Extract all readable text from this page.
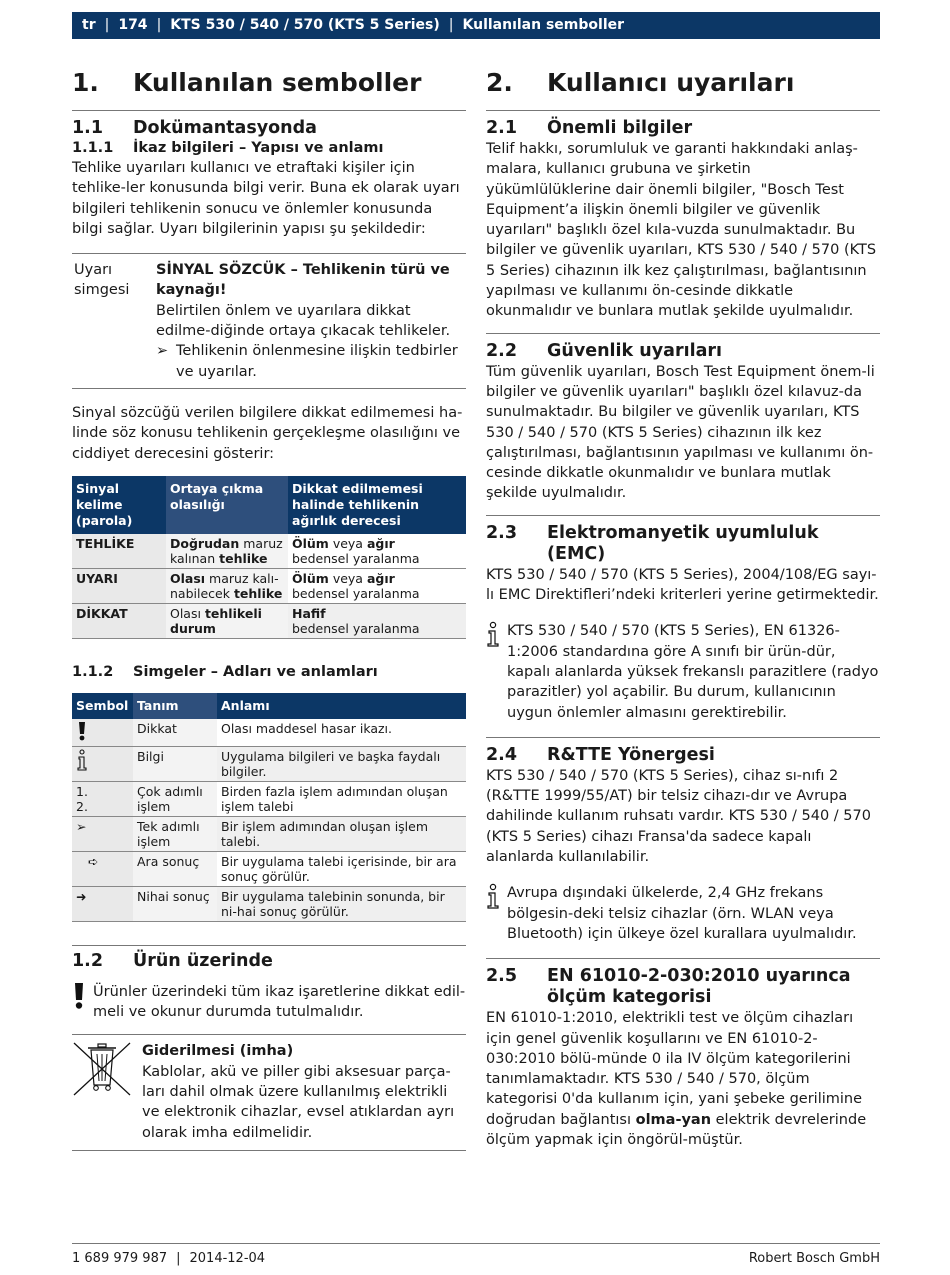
tr | 174 | KTS 530 / 540 / 570 (KTS 5 Series) | Kullanılan semboller
1.	Kullanılan semboller
1.1	Dokümantasyonda
1.1.1	İkaz bilgileri – Yapısı ve anlamı

Tehlike uyarıları kullanıcı ve etraftaki kişiler için tehlike-ler konusunda bilgi verir. Buna ek olarak uyarı bilgileri tehlikenin sonucu ve önlemler konusunda bilgi sağlar. Uyarı bilgilerinin yapısı şu şekildedir:

Uyarı simgesi
SİNYAL SÖZCÜK – Tehlikenin türü ve kaynağı!
Belirtilen önlem ve uyarılara dikkat edilme-diğinde ortaya çıkacak tehlikeler.
➢ Tehlikenin önlenmesine ilişkin tedbirler ve uyarılar.

Sinyal sözcüğü verilen bilgilere dikkat edilmemesi ha-linde söz konusu tehlikenin gerçekleşme olasılığını ve ciddiyet derecesini gösterir:

Sinyal kelime (parola)	Ortaya çıkma olasılığı	Dikkat edilmemesi halinde tehlikenin ağırlık derecesi
TEHLİKE	Doğrudan maruz kalınan tehlike	Ölüm veya ağır
bedensel yaralanma
UYARI	Olası maruz kalı-nabilecek tehlike	Ölüm veya ağır
bedensel yaralanma
DİKKAT	Olası tehlikeli durum	Hafif
bedensel yaralanma
1.1.2	Simgeler – Adları ve anlamları
Sembol	Tanım	Anlamı
	Dikkat	Olası maddesel hasar ikazı.
	Bilgi	Uygulama bilgileri ve başka faydalı bilgiler.
1.
2.	Çok adımlı işlem	Birden fazla işlem adımından oluşan işlem talebi
➢	Tek adımlı işlem	Bir işlem adımından oluşan işlem talebi.
➪	Ara sonuç	Bir uygulama talebi içerisinde, bir ara sonuç görülür.
➜	Nihai sonuç	Bir uygulama talebinin sonunda, bir ni-hai sonuç görülür.
1.2	Ürün üzerinde

Ürünler üzerindeki tüm ikaz işaretlerine dikkat edil-meli ve okunur durumda tutulmalıdır.

Giderilmesi (imha)
Kablolar, akü ve piller gibi aksesuar parça-ları dahil olmak üzere kullanılmış elektrikli ve elektronik cihazlar, evsel atıklardan ayrı olarak imha edilmelidir.
2.	Kullanıcı uyarıları
2.1	Önemli bilgiler

Telif hakkı, sorumluluk ve garanti hakkındaki anlaş-malara, kullanıcı grubuna ve şirketin yükümlülüklerine dair önemli bilgiler, "Bosch Test Equipment’a ilişkin önemli bilgiler ve güvenlik uyarıları" başlıklı özel kıla-vuzda sunulmaktadır. Bu bilgiler ve güvenlik uyarıları, KTS 530 / 540 / 570 (KTS 5 Series) cihazının ilk kez çalıştırılması, bağlantısının yapılması ve kullanımı ön-cesinde dikkatle okunmalıdır ve bunlara mutlak şekilde uyulmalıdır.

2.2	Güvenlik uyarıları

Tüm güvenlik uyarıları, Bosch Test Equipment önem-li bilgiler ve güvenlik uyarıları" başlıklı özel kılavuz-da sunulmaktadır. Bu bilgiler ve güvenlik uyarıları, KTS 530 / 540 / 570 (KTS 5 Series) cihazının ilk kez çalıştırılması, bağlantısının yapılması ve kullanımı ön-cesinde dikkatle okunmalıdır ve bunlara mutlak şekilde uyulmalıdır.

2.3	Elektromanyetik uyumluluk (EMC)

KTS 530 / 540 / 570 (KTS 5 Series), 2004/108/EG sayı-lı EMC Direktifleri’ndeki kriterleri yerine getirmektedir.

KTS 530 / 540 / 570 (KTS 5 Series), EN 61326-1:2006 standardına göre A sınıfı bir ürün-dür, kapalı alanlarda yüksek frekanslı parazitlere (radyo parazitler) yol açabilir. Bu durum, kullanıcının uygun önlemler almasını gerektirebilir.

2.4	R&TTE Yönergesi

KTS 530 / 540 / 570 (KTS 5 Series), cihaz sı-nıfı 2 (R&TTE 1999/55/AT) bir telsiz cihazı-dır ve Avrupa dahilinde kullanım ruhsatı vardır. KTS 530 / 540 / 570 (KTS 5 Series) cihazı Fransa'da sadece kapalı alanlarda kullanılabilir.

Avrupa dışındaki ülkelerde, 2,4 GHz frekans bölgesin-deki telsiz cihazlar (örn. WLAN veya Bluetooth) için ülkeye özel kurallara uyulmalıdır.

2.5	EN 61010-2-030:2010 uyarınca ölçüm kategorisi

EN 61010-1:2010, elektrikli test ve ölçüm cihazları için genel güvenlik koşullarını ve EN 61010-2-030:2010 bölü-münde 0 ila IV ölçüm kategorilerini tanımlamaktadır. KTS 530 / 540 / 570, ölçüm kategorisi 0'da kullanım için, yani şebeke gerilimine doğrudan bağlantısı olma-yan elektrik devrelerinde ölçüm yapmak için öngörül-müştür.

1 689 979 987 | 2014-12-04	Robert Bosch GmbH
